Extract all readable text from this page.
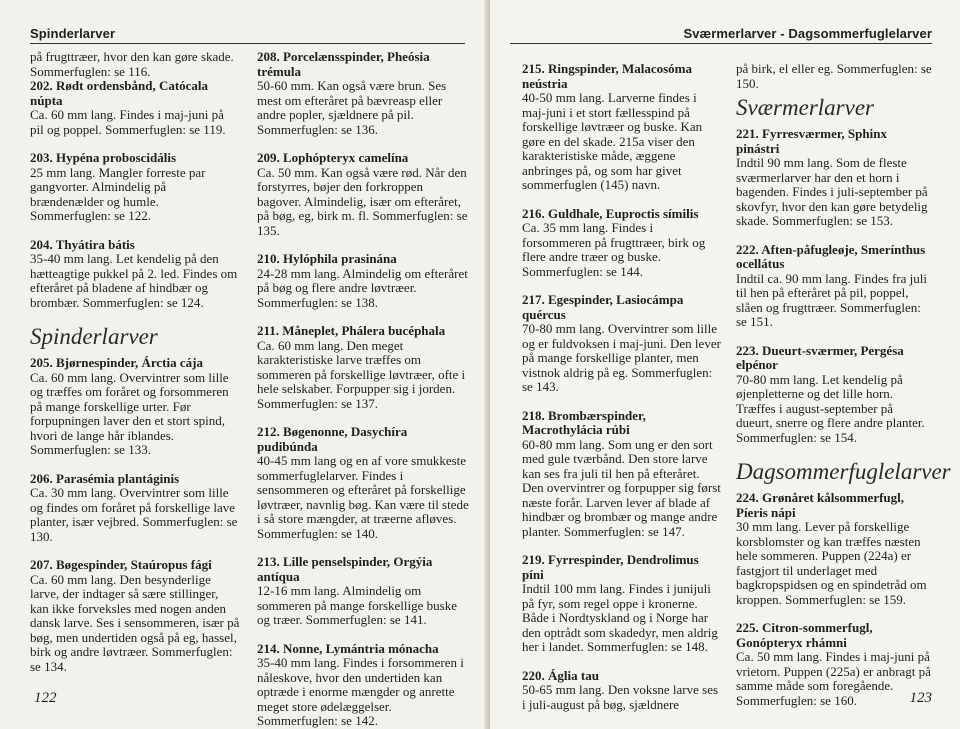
Spinderlarver

på frugttræer, hvor den kan gøre skade. Sommerfuglen: se 116.

202. Rødt ordensbånd, Catócala núpta

Ca. 60 mm lang. Findes i maj-juni på pil og poppel. Sommerfuglen: se 119.

203. Hypéna proboscidális

25 mm lang. Mangler forreste par gangvorter. Almindelig på brændenælder og humle. Sommerfuglen: se 122.

204. Thyátira bátis

35-40 mm lang. Let kendelig på den hætteagtige pukkel på 2. led. Findes om efteråret på bladene af hindbær og brombær. Sommerfuglen: se 124.

Spinderlarver

205. Bjørnespinder, Árctia cája

Ca. 60 mm lang. Overvintrer som lille og træffes om foråret og forsommeren på mange forskellige urter. Før forpupningen laver den et stort spind, hvori de lange hår iblandes. Sommerfuglen: se 133.

206. Parasémia plantáginis

Ca. 30 mm lang. Overvintrer som lille og findes om foråret på forskellige lave planter, især vejbred. Sommerfuglen: se 130.

207. Bøgespinder, Staúropus fági

Ca. 60 mm lang. Den besynderlige larve, der indtager så sære stillinger, kan ikke forveksles med nogen anden dansk larve. Ses i sensommeren, især på bøg, men undertiden også på eg, hassel, birk og andre løvtræer. Sommerfuglen: se 134.

208. Porcelænsspinder, Pheósia trémula

50-60 mm. Kan også være brun. Ses mest om efteråret på bævreasp eller andre popler, sjældnere på pil. Sommerfuglen: se 136.

209. Lophópteryx camelína

Ca. 50 mm. Kan også være rød. Når den forstyrres, bøjer den forkroppen bagover. Almindelig, især om efteråret, på bøg, eg, birk m. fl. Sommerfuglen: se 135.

210. Hylóphila prasinána

24-28 mm lang. Almindelig om efteråret på bøg og flere andre løvtræer. Sommerfuglen: se 138.

211. Måneplet, Phálera bucéphala

Ca. 60 mm lang. Den meget karakteristiske larve træffes om sommeren på forskellige løvtræer, ofte i hele selskaber. Forpupper sig i jorden. Sommerfuglen: se 137.

212. Bøgenonne, Dasychíra pudibúnda

40-45 mm lang og en af vore smukkeste sommerfuglelarver. Findes i sensommeren og efteråret på forskellige løvtræer, navnlig bøg. Kan være til stede i så store mængder, at træerne afløves. Sommerfuglen: se 140.

213. Lille penselspinder, Orgýia antíqua

12-16 mm lang. Almindelig om sommeren på mange forskellige buske og træer. Sommerfuglen: se 141.

214. Nonne, Lymántria mónacha

35-40 mm lang. Findes i forsommeren i nåleskove, hvor den undertiden kan optræde i enorme mængder og anrette meget store ødelæggelser. Sommerfuglen: se 142.

122
Sværmerlarver - Dagsommerfuglelarver

215. Ringspinder, Malacosóma neústria

40-50 mm lang. Larverne findes i maj-juni i et stort fællesspind på forskellige løvtræer og buske. Kan gøre en del skade. 215a viser den karakteristiske måde, æggene anbringes på, og som har givet sommerfuglen (145) navn.

216. Guldhale, Euproctis símilis

Ca. 35 mm lang. Findes i forsommeren på frugttræer, birk og flere andre træer og buske. Sommerfuglen: se 144.

217. Egespinder, Lasiocámpa quércus

70-80 mm lang. Overvintrer som lille og er fuldvoksen i maj-juni. Den lever på mange forskellige planter, men vistnok aldrig på eg. Sommerfuglen: se 143.

218. Brombærspinder, Macrothylácia rúbi

60-80 mm lang. Som ung er den sort med gule tværbånd. Den store larve kan ses fra juli til hen på efteråret. Den overvintrer og forpupper sig først næste forår. Larven lever af blade af hindbær og brombær og mange andre planter. Sommerfuglen: se 147.

219. Fyrrespinder, Dendrolimus píni

Indtil 100 mm lang. Findes i junijuli på fyr, som regel oppe i kronerne. Både i Nordtyskland og i Norge har den optrådt som skadedyr, men aldrig her i landet. Sommerfuglen: se 148.

220. Áglia tau

50-65 mm lang. Den voksne larve ses i juli-august på bøg, sjældnere

på birk, el eller eg. Sommerfuglen: se 150.

Sværmerlarver

221. Fyrresværmer, Sphinx pinástri

Indtil 90 mm lang. Som de fleste sværmerlarver har den et horn i bagenden. Findes i juli-september på skovfyr, hvor den kan gøre betydelig skade. Sommerfuglen: se 153.

222. Aften-påfugleøje, Smerínthus ocellátus

Indtil ca. 90 mm lang. Findes fra juli til hen på efteråret på pil, poppel, slåen og frugttræer. Sommerfuglen: se 151.

223. Dueurt-sværmer, Pergésa elpénor

70-80 mm lang. Let kendelig på øjenpletterne og det lille horn. Træffes i august-september på dueurt, snerre og flere andre planter. Sommerfuglen: se 154.

Dagsommerfuglelarver

224. Grønåret kålsommerfugl, Píeris nápi

30 mm lang. Lever på forskellige korsblomster og kan træffes næsten hele sommeren. Puppen (224a) er fastgjort til underlaget med bagkropspidsen og en spindetråd om kroppen. Sommerfuglen: se 159.

225. Citron-sommerfugl, Gonópteryx rhámni

Ca. 50 mm lang. Findes i maj-juni på vrietorn. Puppen (225a) er anbragt på samme måde som foregående. Sommerfuglen: se 160.	123
